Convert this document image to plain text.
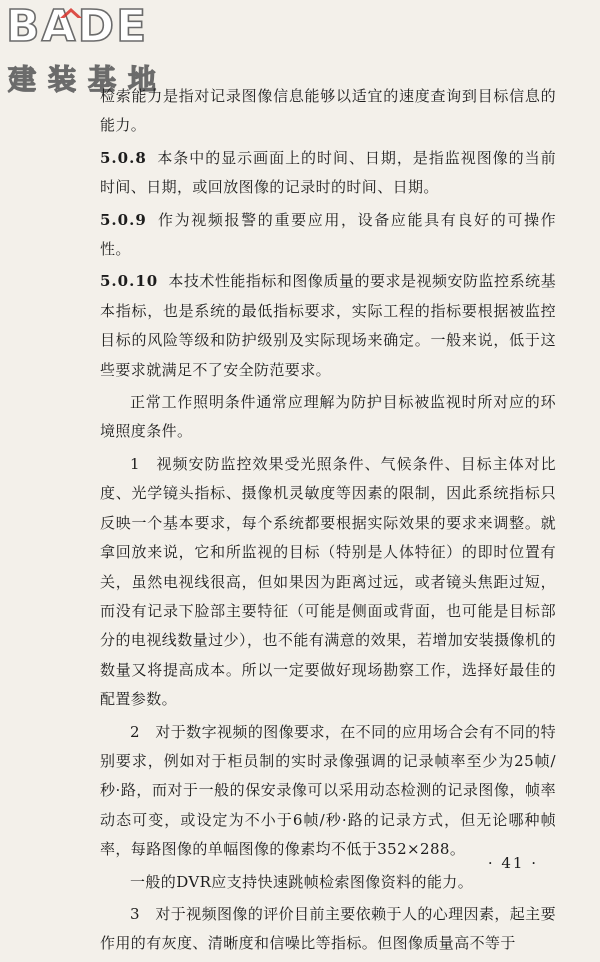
BADE
建装基地

检索能力是指对记录图像信息能够以适宜的速度查询到目标信息的能力。

5.0.8 本条中的显示画面上的时间、日期，是指监视图像的当前时间、日期，或回放图像的记录时的时间、日期。

5.0.9 作为视频报警的重要应用，设备应能具有良好的可操作性。

5.0.10 本技术性能指标和图像质量的要求是视频安防监控系统基本指标，也是系统的最低指标要求，实际工程的指标要根据被监控目标的风险等级和防护级别及实际现场来确定。一般来说，低于这些要求就满足不了安全防范要求。

正常工作照明条件通常应理解为防护目标被监视时所对应的环境照度条件。

1　视频安防监控效果受光照条件、气候条件、目标主体对比度、光学镜头指标、摄像机灵敏度等因素的限制，因此系统指标只反映一个基本要求，每个系统都要根据实际效果的要求来调整。就拿回放来说，它和所监视的目标（特别是人体特征）的即时位置有关，虽然电视线很高，但如果因为距离过远，或者镜头焦距过短，而没有记录下脸部主要特征（可能是侧面或背面，也可能是目标部分的电视线数量过少），也不能有满意的效果，若增加安装摄像机的数量又将提高成本。所以一定要做好现场勘察工作，选择好最佳的配置参数。

2　对于数字视频的图像要求，在不同的应用场合会有不同的特别要求，例如对于柜员制的实时录像强调的记录帧率至少为25帧/秒·路，而对于一般的保安录像可以采用动态检测的记录图像，帧率动态可变，或设定为不小于6帧/秒·路的记录方式，但无论哪种帧率，每路图像的单幅图像的像素均不低于352×288。

一般的DVR应支持快速跳帧检索图像资料的能力。

3　对于视频图像的评价目前主要依赖于人的心理因素，起主要作用的有灰度、清晰度和信噪比等指标。但图像质量高不等于

· 41 ·
